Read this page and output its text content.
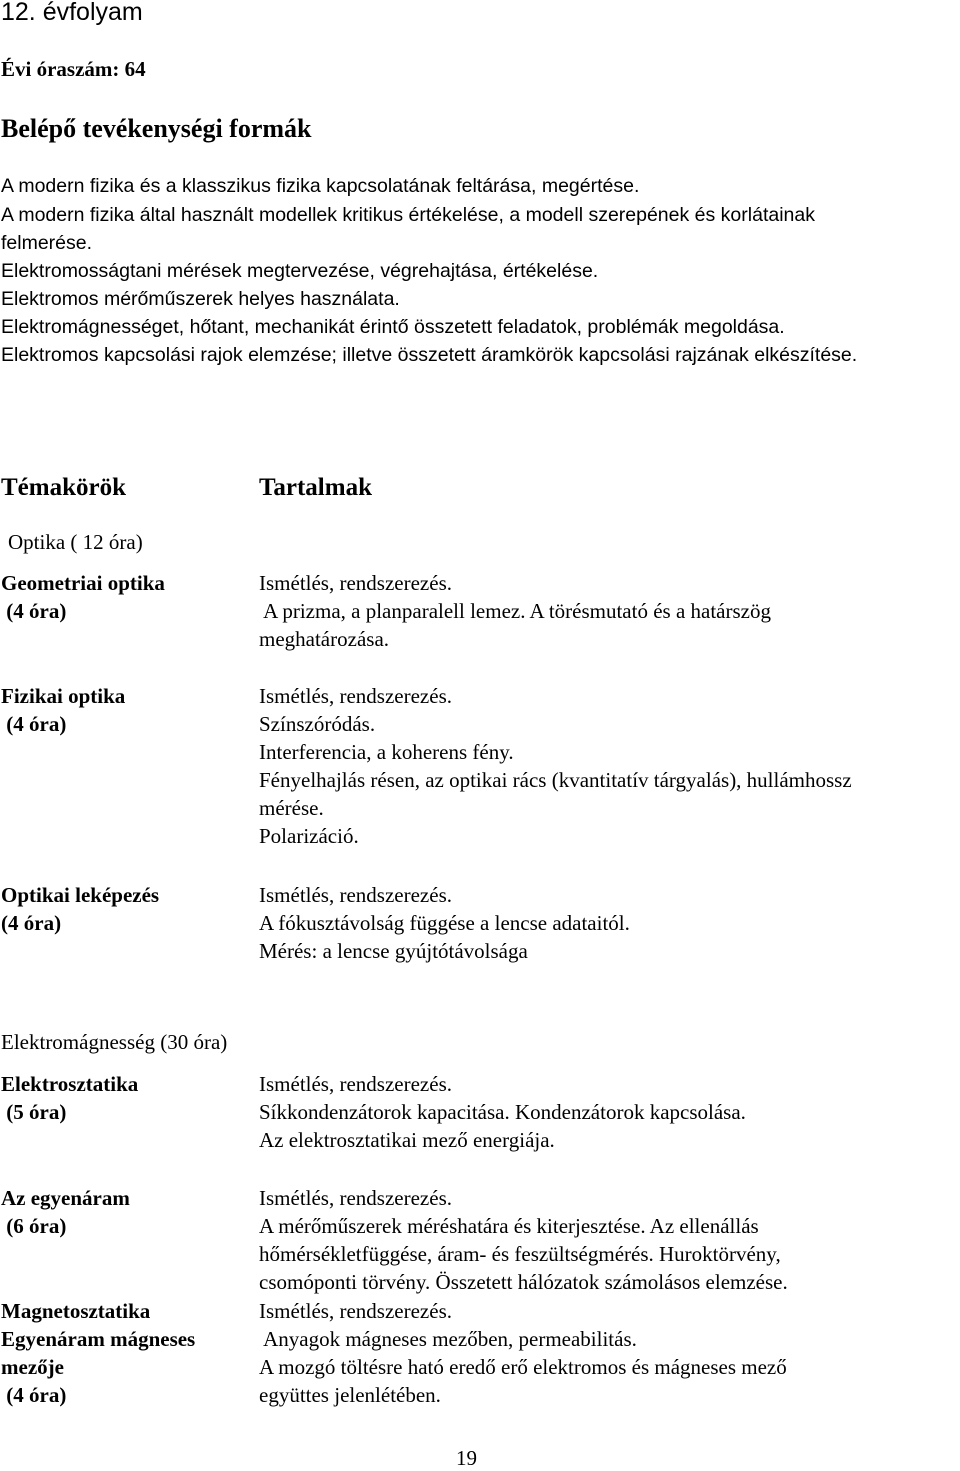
12. évfolyam
Évi óraszám: 64
Belépő tevékenységi formák
A modern fizika és a klasszikus fizika kapcsolatának feltárása, megértése.
A modern fizika által használt modellek kritikus értékelése, a modell szerepének és korlátainak
felmerése.
Elektromosságtani mérések megtervezése, végrehajtása, értékelése.
Elektromos mérőműszerek helyes használata.
Elektromágnességet, hőtant, mechanikát érintő összetett feladatok, problémák megoldása.
Elektromos kapcsolási rajok elemzése; illetve összetett áramkörök kapcsolási rajzának elkészítése.
Témakörök	Tartalmak
Optika ( 12 óra)
Geometriai optika
(4 óra)
Ismétlés, rendszerezés.
A prizma, a planparalell lemez. A törésmutató és a határszög
meghatározása.
Fizikai optika
(4 óra)
Ismétlés, rendszerezés.
Színszóródás.
Interferencia, a koherens fény.
Fényelhajlás résen, az optikai rács (kvantitatív tárgyalás), hullámhossz
mérése.
Polarizáció.
Optikai leképezés
(4 óra)
Ismétlés, rendszerezés.
A fókusztávolság függése a lencse adataitól.
Mérés: a lencse gyújtótávolsága
Elektromágnesség (30 óra)
Elektrosztatika
(5 óra)
Ismétlés, rendszerezés.
Síkkondenzátorok kapacitása. Kondenzátorok kapcsolása.
Az elektrosztatikai mező energiája.
Az egyenáram
(6 óra)
Ismétlés, rendszerezés.
A mérőműszerek méréshatára és kiterjesztése. Az ellenállás
hőmérsékletfüggése, áram- és feszültségmérés. Huroktörvény,
csomóponti törvény. Összetett hálózatok számolásos elemzése.
Magnetosztatika
Egyenáram mágneses
mezője
(4 óra)
Ismétlés, rendszerezés.
Anyagok mágneses mezőben, permeabilitás.
A mozgó töltésre ható eredő erő elektromos és mágneses mező
együttes jelenlétében.
19
